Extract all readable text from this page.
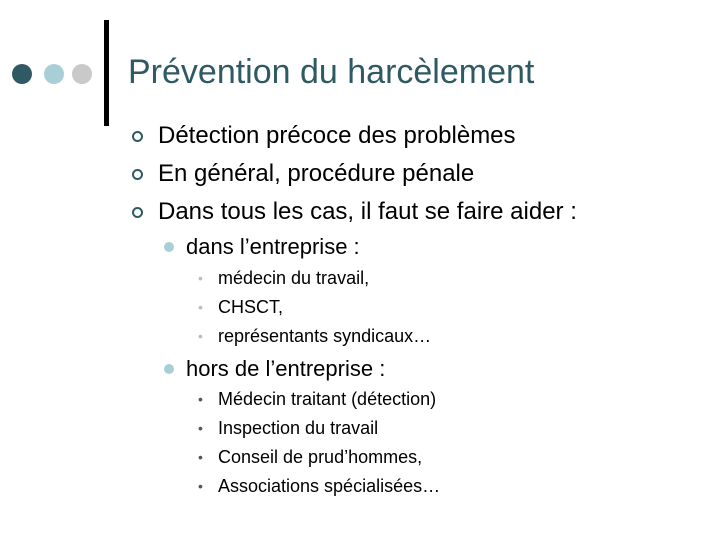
Prévention du harcèlement
Détection précoce des problèmes
En général, procédure pénale
Dans tous les cas, il faut se faire aider :
dans l’entreprise :
• médecin du travail,
• CHSCT,
• représentants syndicaux…
hors de l’entreprise :
• Médecin traitant (détection)
• Inspection du travail
• Conseil de prud’hommes,
• Associations spécialisées…
